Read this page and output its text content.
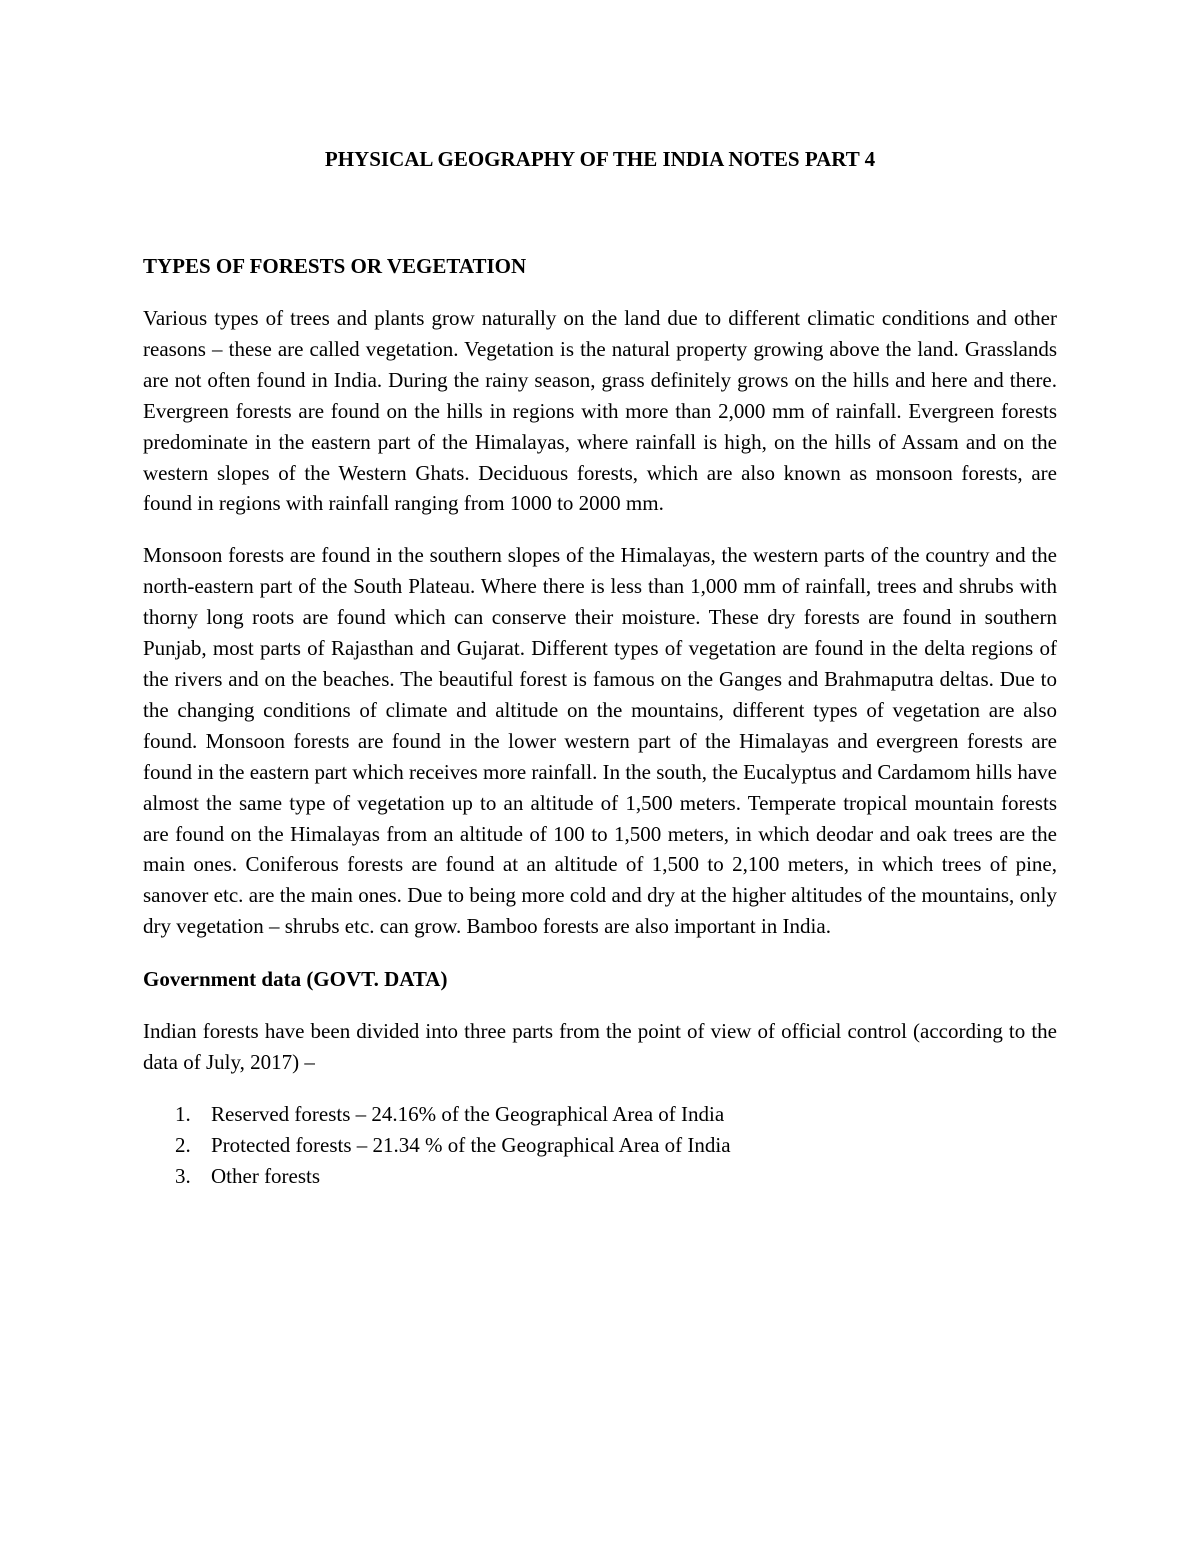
PHYSICAL GEOGRAPHY OF THE INDIA NOTES PART 4
TYPES OF FORESTS OR VEGETATION

Various types of trees and plants grow naturally on the land due to different climatic conditions and other reasons – these are called vegetation. Vegetation is the natural property growing above the land. Grasslands are not often found in India. During the rainy season, grass definitely grows on the hills and here and there. Evergreen forests are found on the hills in regions with more than 2,000 mm of rainfall. Evergreen forests predominate in the eastern part of the Himalayas, where rainfall is high, on the hills of Assam and on the western slopes of the Western Ghats. Deciduous forests, which are also known as monsoon forests, are found in regions with rainfall ranging from 1000 to 2000 mm.

Monsoon forests are found in the southern slopes of the Himalayas, the western parts of the country and the north-eastern part of the South Plateau. Where there is less than 1,000 mm of rainfall, trees and shrubs with thorny long roots are found which can conserve their moisture. These dry forests are found in southern Punjab, most parts of Rajasthan and Gujarat. Different types of vegetation are found in the delta regions of the rivers and on the beaches. The beautiful forest is famous on the Ganges and Brahmaputra deltas. Due to the changing conditions of climate and altitude on the mountains, different types of vegetation are also found. Monsoon forests are found in the lower western part of the Himalayas and evergreen forests are found in the eastern part which receives more rainfall. In the south, the Eucalyptus and Cardamom hills have almost the same type of vegetation up to an altitude of 1,500 meters. Temperate tropical mountain forests are found on the Himalayas from an altitude of 100 to 1,500 meters, in which deodar and oak trees are the main ones. Coniferous forests are found at an altitude of 1,500 to 2,100 meters, in which trees of pine, sanover etc. are the main ones. Due to being more cold and dry at the higher altitudes of the mountains, only dry vegetation – shrubs etc. can grow. Bamboo forests are also important in India.

Government data (GOVT. DATA)

Indian forests have been divided into three parts from the point of view of official control (according to the data of July, 2017) –

1. Reserved forests – 24.16% of the Geographical Area of India
2. Protected forests – 21.34 % of the Geographical Area of India
3. Other forests
